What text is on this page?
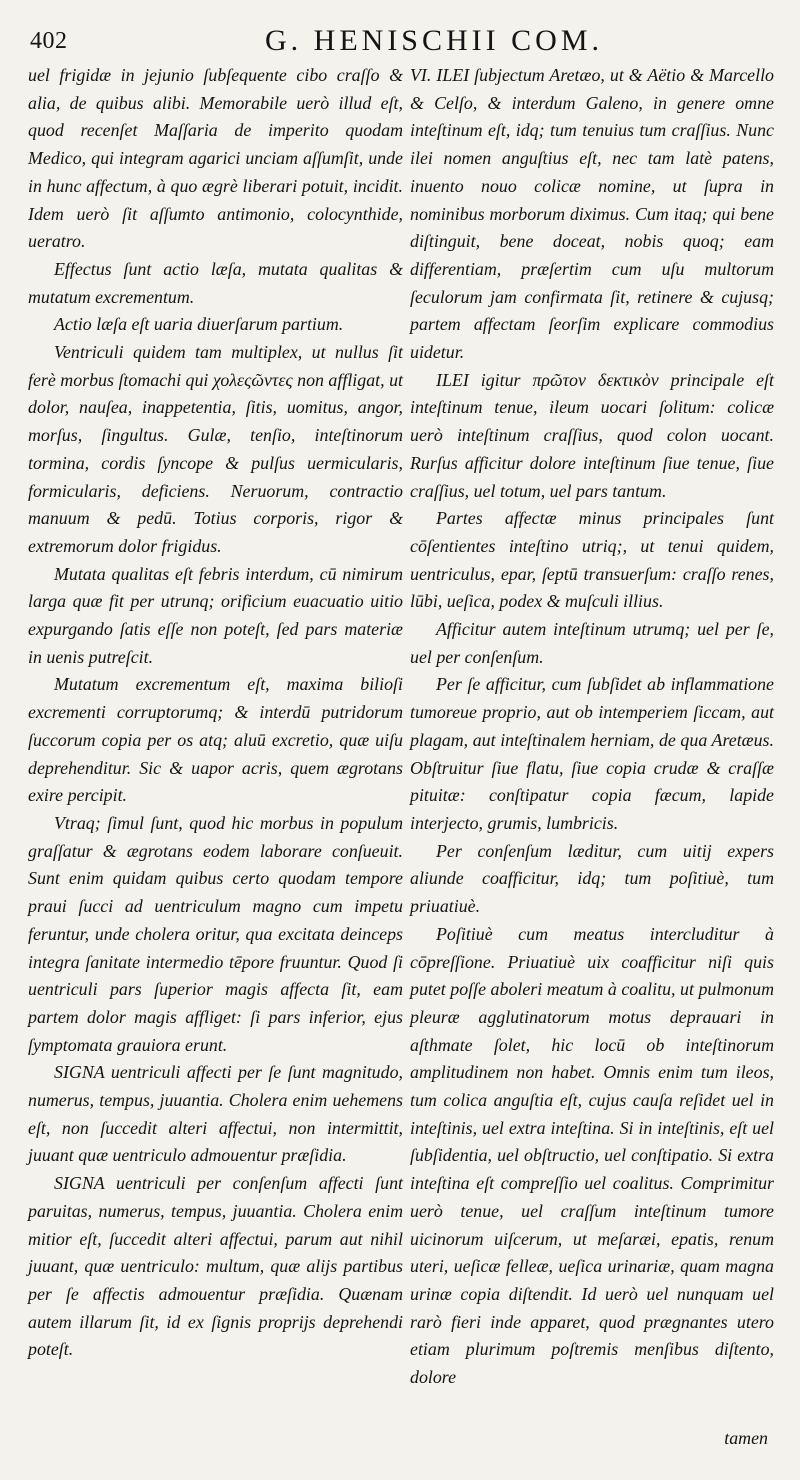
402	G. HENISCHII COM.

uel frigidæ in jejunio ſubſequente cibo craſſo & alia, de quibus alibi. Memorabile uerò illud eſt, quod recenſet Maſſaria de imperito quodam Medico, qui integram agarici unciam aſſumſit, unde in hunc affectum, à quo ægrè liberari potuit, incidit. Idem uerò ſit aſſumto antimonio, colocynthide, ueratro.

Effectus ſunt actio læſa, mutata qualitas & mutatum excrementum.

Actio læſa eſt uaria diuerſarum partium.

Ventriculi quidem tam multiplex, ut nullus ſit ferè morbus ſtomachi qui χολεςῶντες non affligat, ut dolor, nauſea, inappetentia, ſitis, uomitus, angor, morſus, ſingultus. Gulæ, tenſio, inteſtinorum tormina, cordis ſyncope & pulſus uermicularis, formicularis, deficiens. Neruorum, contractio manuum & pedū. Totius corporis, rigor & extremorum dolor frigidus.

Mutata qualitas eſt febris interdum, cū nimirum larga quæ fit per utrunq; orificium euacuatio uitio expurgando ſatis eſſe non poteſt, ſed pars materiæ in uenis putreſcit.

Mutatum excrementum eſt, maxima bilioſi excrementi corruptorumq; & interdū putridorum ſuccorum copia per os atq; aluū excretio, quæ uiſu deprehenditur. Sic & uapor acris, quem ægrotans exire percipit.

Vtraq; ſimul ſunt, quod hic morbus in populum graſſatur & ægrotans eodem laborare conſueuit. Sunt enim quidam quibus certo quodam tempore praui ſucci ad uentriculum magno cum impetu feruntur, unde cholera oritur, qua excitata deinceps integra ſanitate intermedio tēpore fruuntur. Quod ſi uentriculi pars ſuperior magis affecta ſit, eam partem dolor magis affliget: ſi pars inferior, ejus ſymptomata grauiora erunt.

SIGNA uentriculi affecti per ſe ſunt magnitudo, numerus, tempus, juuantia. Cholera enim uehemens eſt, non ſuccedit alteri affectui, non intermittit, juuant quæ uentriculo admouentur præſidia.

SIGNA uentriculi per conſenſum affecti ſunt paruitas, numerus, tempus, juuantia. Cholera enim mitior eſt, ſuccedit alteri affectui, parum aut nihil juuant, quæ uentriculo: multum, quæ alijs partibus per ſe affectis admouentur præſidia. Quænam autem illarum ſit, id ex ſignis proprijs deprehendi poteſt.

VI. ILEI ſubjectum Aretæo, ut & Aëtio & Marcello & Celſo, & interdum Galeno, in genere omne inteſtinum eſt, idq; tum tenuius tum craſſius. Nunc ilei nomen anguſtius eſt, nec tam latè patens, inuento nouo colicæ nomine, ut ſupra in nominibus morborum diximus. Cum itaq; qui bene diſtinguit, bene doceat, nobis quoq; eam differentiam, præſertim cum uſu multorum ſeculorum jam confirmata ſit, retinere & cujusq; partem affectam ſeorſim explicare commodius uidetur.

ILEI igitur πρῶτον δεκτικὸν principale eſt inteſtinum tenue, ileum uocari ſolitum: colicæ uerò inteſtinum craſſius, quod colon uocant. Rurſus afficitur dolore inteſtinum ſiue tenue, ſiue craſſius, uel totum, uel pars tantum.

Partes affectæ minus principales ſunt cōſentientes inteſtino utriq;, ut tenui quidem, uentriculus, epar, ſeptū transuerſum: craſſo renes, lūbi, ueſica, podex & muſculi illius.

Afficitur autem inteſtinum utrumq; uel per ſe, uel per conſenſum.

Per ſe afficitur, cum ſubſidet ab inflammatione tumoreue proprio, aut ob intemperiem ſiccam, aut plagam, aut inteſtinalem herniam, de qua Aretæus. Obſtruitur ſiue flatu, ſiue copia crudæ & craſſæ pituitæ: conſtipatur copia fæcum, lapide interjecto, grumis, lumbricis.

Per conſenſum læditur, cum uitij expers aliunde coafficitur, idq; tum poſitiuè, tum priuatiuè.

Poſitiuè cum meatus intercluditur à cōpreſſione. Priuatiuè uix coafficitur niſi quis putet poſſe aboleri meatum à coalitu, ut pulmonum pleuræ agglutinatorum motus deprauari in aſthmate ſolet, hic locū ob inteſtinorum amplitudinem non habet. Omnis enim tum ileos, tum colica anguſtia eſt, cujus cauſa reſidet uel in inteſtinis, uel extra inteſtina. Si in inteſtinis, eſt uel ſubſidentia, uel obſtructio, uel conſtipatio. Si extra inteſtina eſt compreſſio uel coalitus. Comprimitur uerò tenue, uel craſſum inteſtinum tumore uicinorum uiſcerum, ut meſaræi, epatis, renum uteri, ueſicæ felleæ, ueſica urinariæ, quam magna urinæ copia diſtendit. Id uerò uel nunquam uel rarò fieri inde apparet, quod prægnantes utero etiam plurimum poſtremis menſibus diſtento, dolore

tamen
